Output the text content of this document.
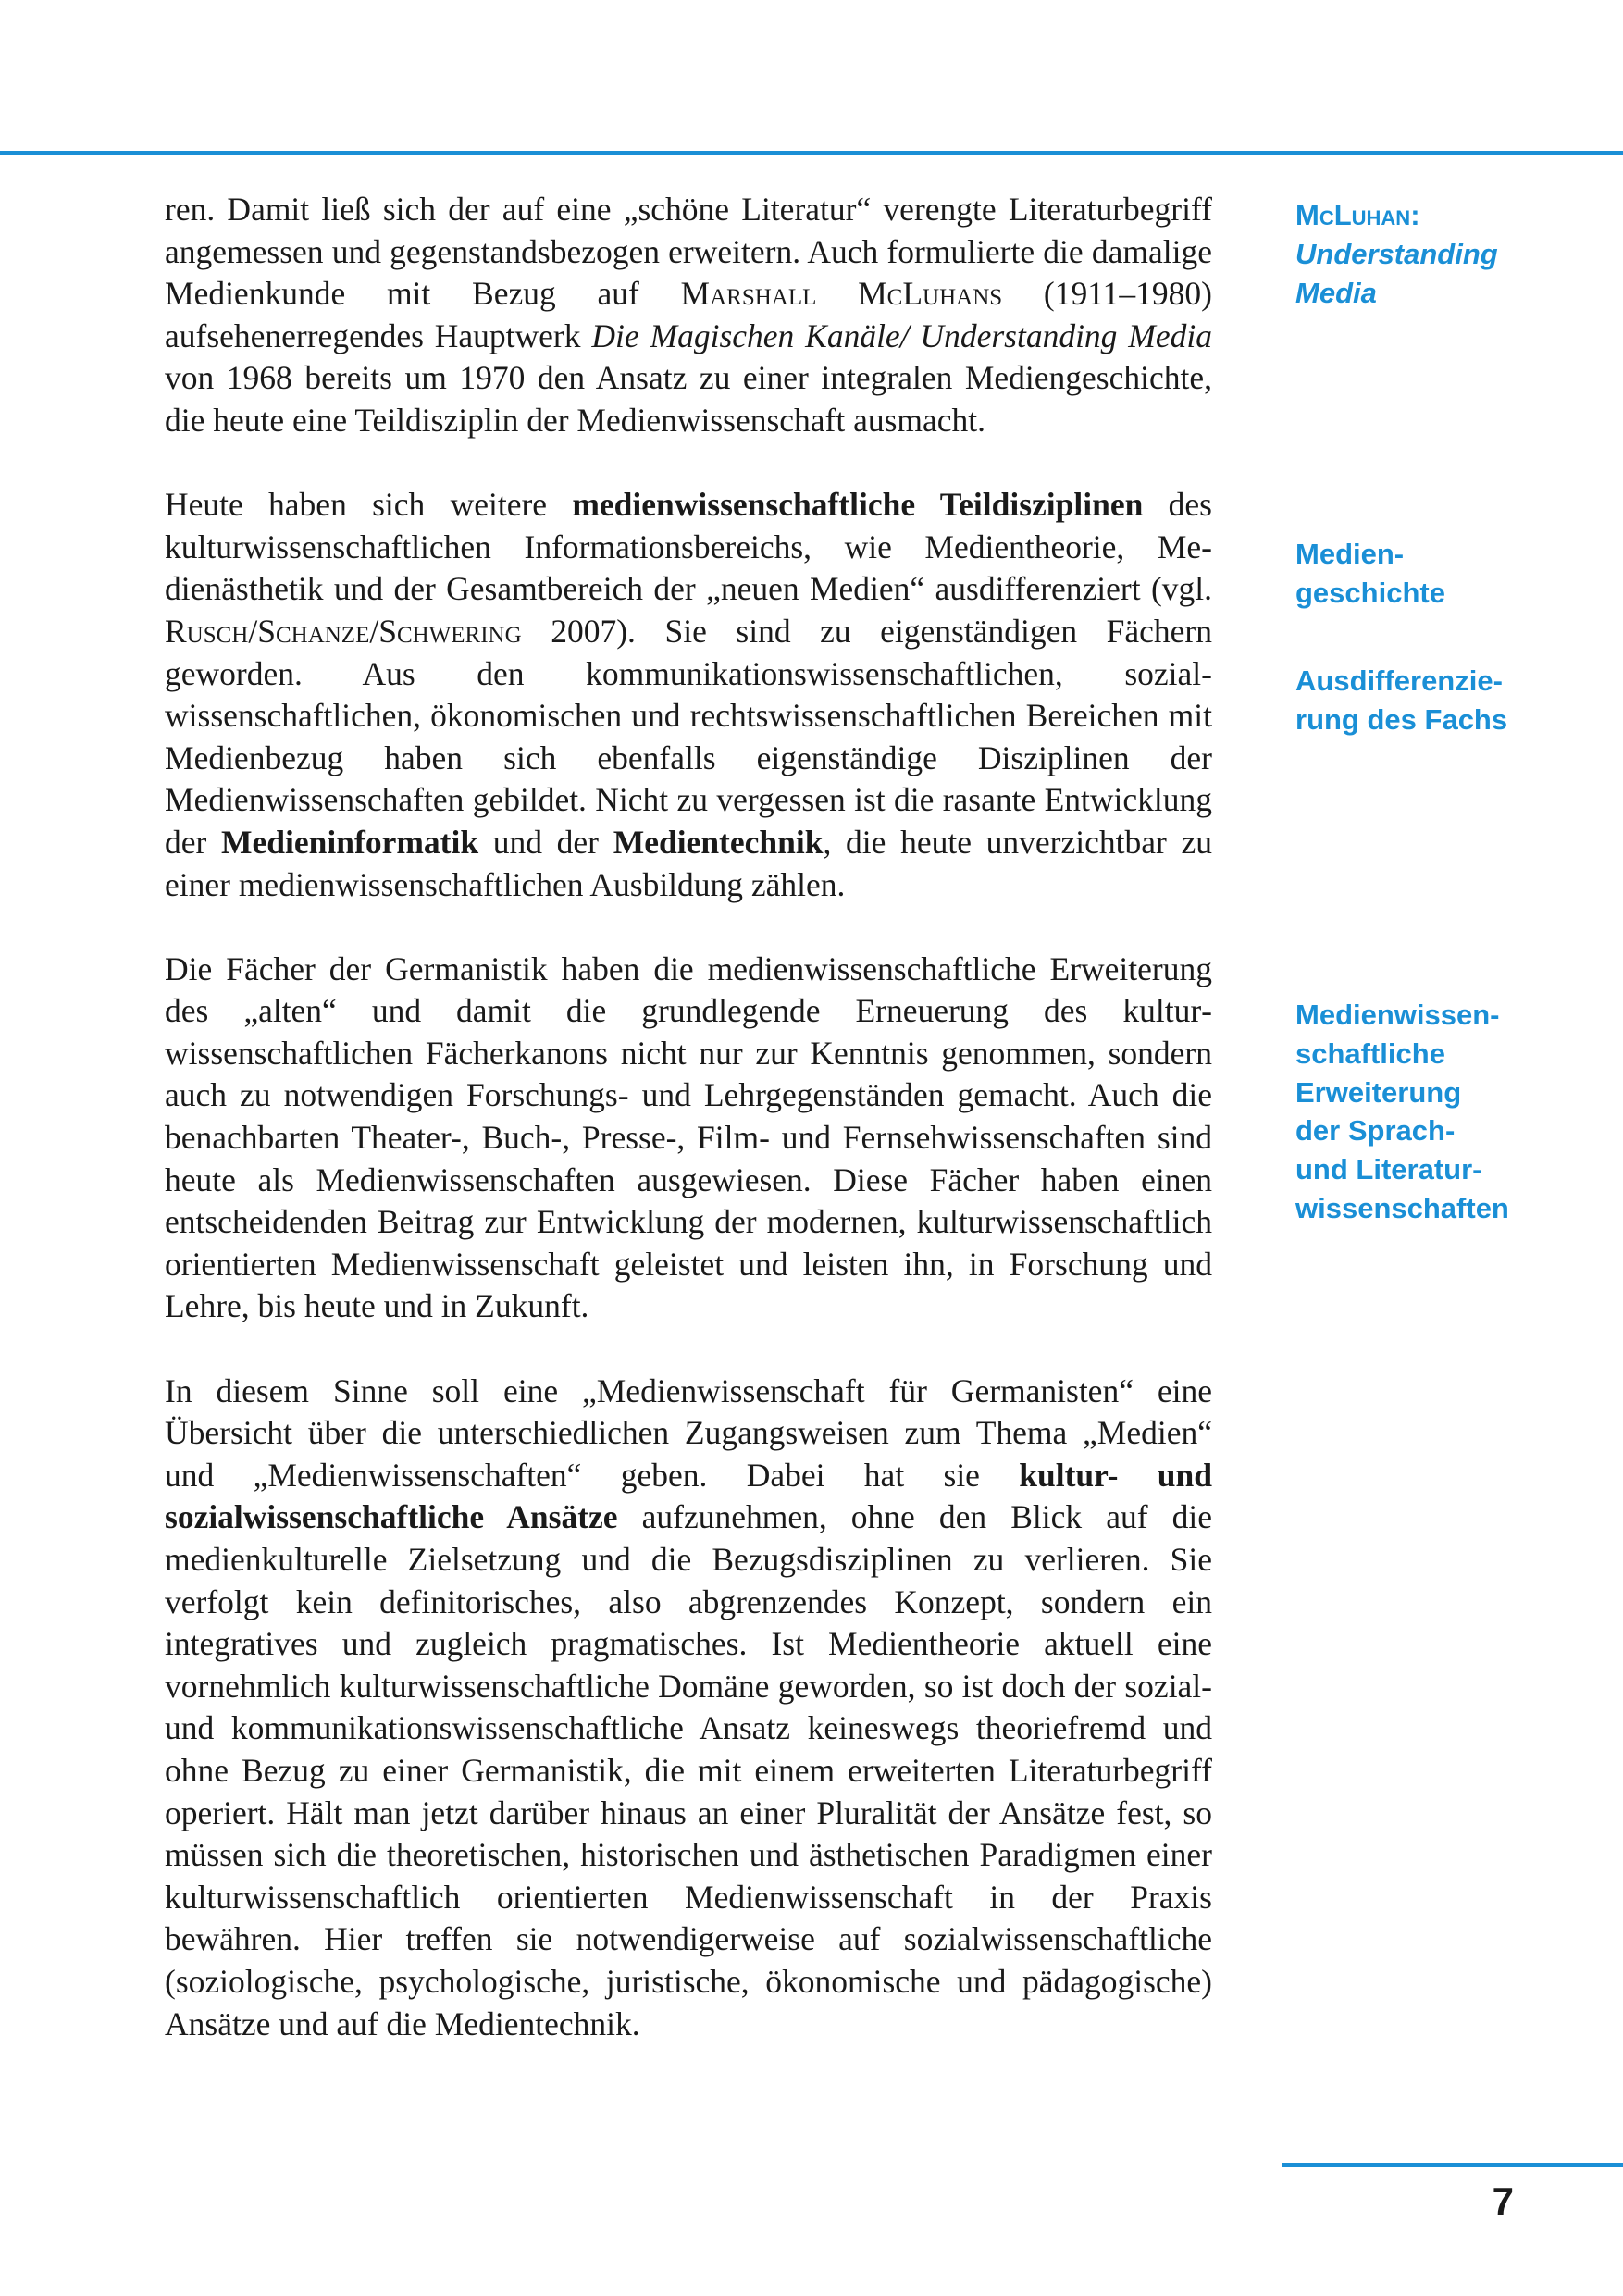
ren. Damit ließ sich der auf eine „schöne Literatur“ verengte Literaturbegriff angemessen und gegenstandsbezogen erweitern. Auch formulierte die damalige Medienkunde mit Bezug auf Marshall McLuhans (1911–1980) aufsehenerregendes Hauptwerk Die Magischen Kanäle/ Understanding Media von 1968 bereits um 1970 den Ansatz zu einer integralen Mediengeschichte, die heute eine Teildisziplin der Medienwissenschaft ausmacht.

Heute haben sich weitere medienwissenschaftliche Teildisziplinen des kulturwissenschaftlichen Informationsbereichs, wie Medientheorie, Medienästhetik und der Gesamtbereich der „neuen Medien“ ausdifferenziert (vgl. Rusch/Schanze/Schwering 2007). Sie sind zu eigenständigen Fächern geworden. Aus den kommunikationswissenschaftlichen, sozialwissenschaftlichen, ökonomischen und rechtswissenschaftlichen Bereichen mit Medienbezug haben sich ebenfalls eigenständige Disziplinen der Medienwissenschaften gebildet. Nicht zu vergessen ist die rasante Entwicklung der Medieninformatik und der Medientechnik, die heute unverzichtbar zu einer medienwissenschaftlichen Ausbildung zählen.

Die Fächer der Germanistik haben die medienwissenschaftliche Erweiterung des „alten“ und damit die grundlegende Erneuerung des kulturwissenschaftlichen Fächerkanons nicht nur zur Kenntnis genommen, sondern auch zu notwendigen Forschungs- und Lehrgegenständen gemacht. Auch die benachbarten Theater-, Buch-, Presse-, Film- und Fernsehwissenschaften sind heute als Medienwissenschaften ausgewiesen. Diese Fächer haben einen entscheidenden Beitrag zur Entwicklung der modernen, kulturwissenschaftlich orientierten Medienwissenschaft geleistet und leisten ihn, in Forschung und Lehre, bis heute und in Zukunft.

In diesem Sinne soll eine „Medienwissenschaft für Germanisten“ eine Übersicht über die unterschiedlichen Zugangsweisen zum Thema „Medien“ und „Medienwissenschaften“ geben. Dabei hat sie kultur- und sozialwissenschaftliche Ansätze aufzunehmen, ohne den Blick auf die medienkulturelle Zielsetzung und die Bezugsdisziplinen zu verlieren. Sie verfolgt kein definitorisches, also abgrenzendes Konzept, sondern ein integratives und zugleich pragmatisches. Ist Medientheorie aktuell eine vornehmlich kulturwissenschaftliche Domäne geworden, so ist doch der sozial- und kommunikationswissenschaftliche Ansatz keineswegs theoriefremd und ohne Bezug zu einer Germanistik, die mit einem erweiterten Literaturbegriff operiert. Hält man jetzt darüber hinaus an einer Pluralität der Ansätze fest, so müssen sich die theoretischen, historischen und ästhetischen Paradigmen einer kulturwissenschaftlich orientierten Medienwissenschaft in der Praxis bewähren. Hier treffen sie notwendigerweise auf sozialwissenschaftliche (soziologische, psychologische, juristische, ökonomische und pädagogische) Ansätze und auf die Medientechnik.

McLuhan:
Understanding
Media
Medien-
geschichte
Ausdifferenzie-
rung des Fachs
Medienwissen-
schaftliche
Erweiterung
der Sprach-
und Literatur-
wissenschaften
7
